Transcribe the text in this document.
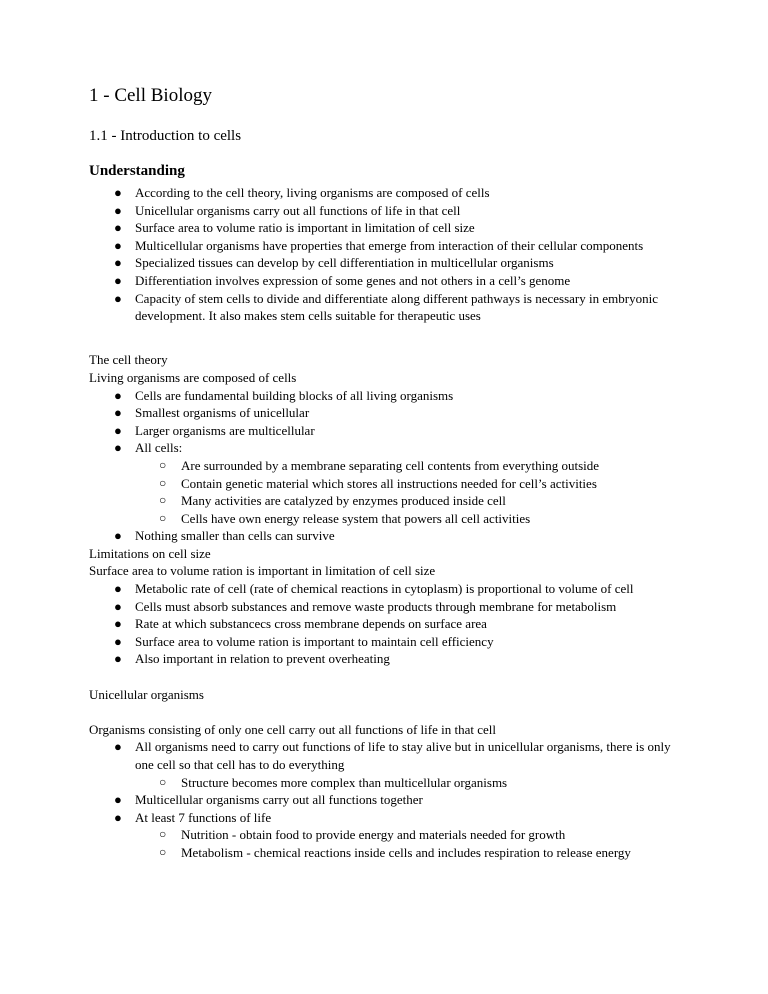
1 - Cell Biology
1.1 - Introduction to cells
Understanding
● According to the cell theory, living organisms are composed of cells
● Unicellular organisms carry out all functions of life in that cell
● Surface area to volume ratio is important in limitation of cell size
● Multicellular organisms have properties that emerge from interaction of their cellular components
● Specialized tissues can develop by cell differentiation in multicellular organisms
● Differentiation involves expression of some genes and not others in a cell’s genome
● Capacity of stem cells to divide and differentiate along different pathways is necessary in embryonic development. It also makes stem cells suitable for therapeutic uses

The cell theory

Living organisms are composed of cells

● Cells are fundamental building blocks of all living organisms
● Smallest organisms of unicellular
● Larger organisms are multicellular
● All cells:
○ Are surrounded by a membrane separating cell contents from everything outside
○ Contain genetic material which stores all instructions needed for cell’s activities
○ Many activities are catalyzed by enzymes produced inside cell
○ Cells have own energy release system that powers all cell activities
● Nothing smaller than cells can survive

Limitations on cell size

Surface area to volume ration is important in limitation of cell size

● Metabolic rate of cell (rate of chemical reactions in cytoplasm) is proportional to volume of cell
● Cells must absorb substances and remove waste products through membrane for metabolism
● Rate at which substancecs cross membrane depends on surface area
● Surface area to volume ration is important to maintain cell efficiency
● Also important in relation to prevent overheating

Unicellular organisms

Organisms consisting of only one cell carry out all functions of life in that cell

● All organisms need to carry out functions of life to stay alive but in unicellular organisms, there is only one cell so that cell has to do everything
○ Structure becomes more complex than multicellular organisms
● Multicellular organisms carry out all functions together
● At least 7 functions of life
○ Nutrition - obtain food to provide energy and materials needed for growth
○ Metabolism - chemical reactions inside cells and includes respiration to release energy
